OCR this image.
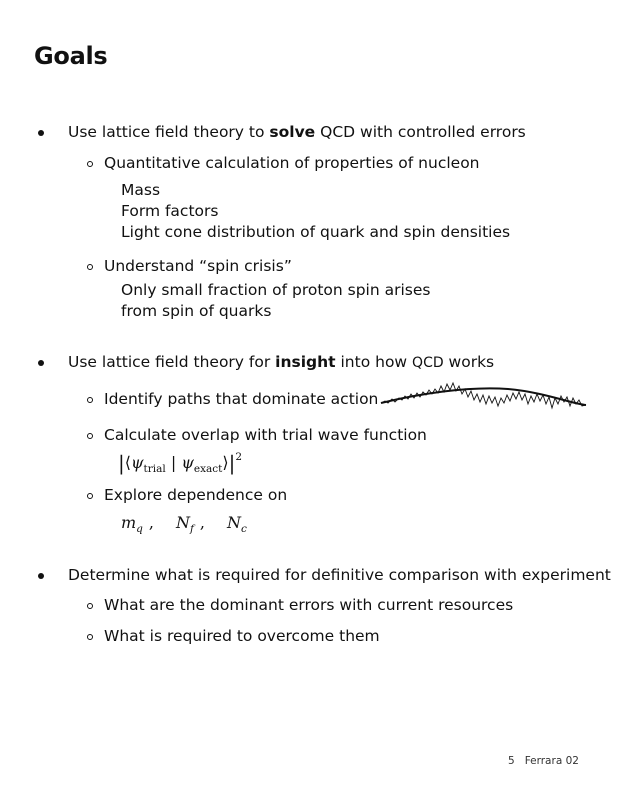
Goals
Use lattice field theory to solve QCD with controlled errors
Quantitative calculation of properties of nucleon
Mass
Form factors
Light cone distribution of quark and spin densities
Understand “spin crisis”
Only small fraction of proton spin arises
from spin of quarks
Use lattice field theory for insight into how QCD works
Identify paths that dominate action
Calculate overlap with trial wave function
$|⟨\psi_{trial}$ | $\psi_{exact}⟩|^2$
Explore dependence on
$m_q$ , $N_f$ , $N_c$
Determine what is required for definitive comparison with experiment
What are the dominant errors with current resources
What is required to overcome them
5 Ferrara 02
